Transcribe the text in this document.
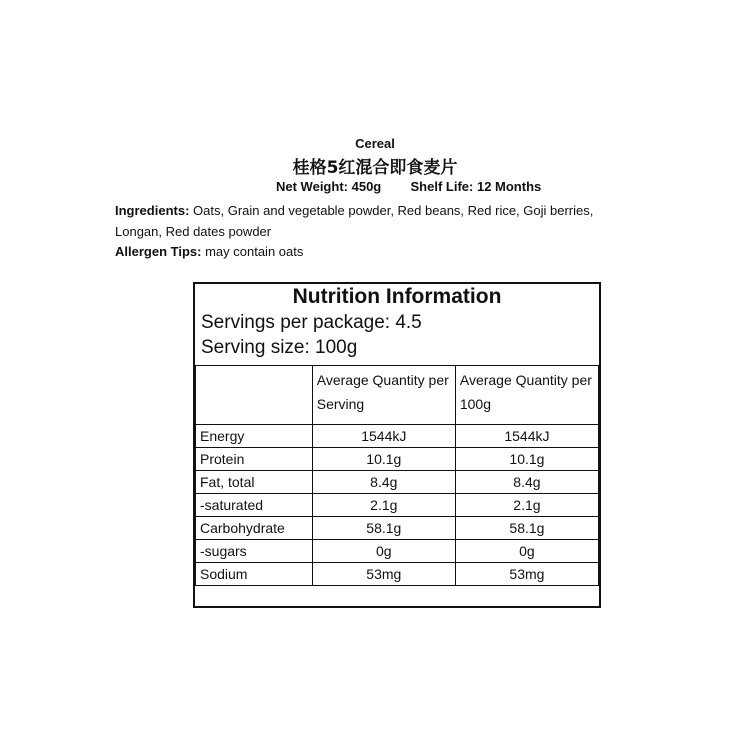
Cereal
桂格5红混合即食麦片
Net Weight: 450g Shelf Life: 12 Months
Ingredients: Oats, Grain and vegetable powder, Red beans, Red rice, Goji berries, Longan, Red dates powder
Allergen Tips: may contain oats
Nutrition Information
Servings per package: 4.5
Serving size: 100g
	Average Quantity per Serving	Average Quantity per 100g
Energy	1544kJ	1544kJ
Protein	10.1g	10.1g
Fat, total	8.4g	8.4g
-saturated	2.1g	2.1g
Carbohydrate	58.1g	58.1g
-sugars	0g	0g
Sodium	53mg	53mg
